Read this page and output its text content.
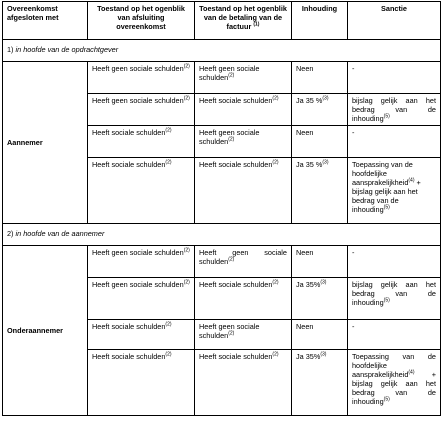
Overeenkomst afgesloten met	Toestand op het ogenblik van afsluiting overeenkomst	Toestand op het ogenblik van de betaling van de factuur $^{(1)}$	Inhouding	Sanctie
1) in hoofde van de opdrachtgever				
Aannemer	Heeft geen sociale schulden$^{(2)}$	Heeft geen sociale schulden$^{(2)}$	Neen	-
	Heeft geen sociale schulden$^{(2)}$	Heeft sociale schulden$^{(2)}$	Ja 35 %$^{(3)}$	bijslag gelijk aan het bedrag van de inhouding$^{(5)}$
	Heeft sociale schulden$^{(2)}$	Heeft geen sociale schulden$^{(2)}$	Neen	-
	Heeft sociale schulden$^{(2)}$	Heeft sociale schulden$^{(2)}$	Ja 35 %$^{(3)}$	Toepassing van de hoofdelijke aansprakelijkheid$^{(4)}$ + bijslag gelijk aan het bedrag van de inhouding$^{(5)}$
2) in hoofde van de aannemer				
Onderaannemer	Heeft geen sociale schulden$^{(2)}$	Heeft geen sociale schulden$^{(2)}$	Neen	-
	Heeft geen sociale schulden$^{(2)}$	Heeft sociale schulden$^{(2)}$	Ja 35%$^{(3)}$	bijslag gelijk aan het bedrag van de inhouding$^{(5)}$
	Heeft sociale schulden$^{(2)}$	Heeft geen sociale schulden$^{(2)}$	Neen	-
	Heeft sociale schulden$^{(2)}$	Heeft sociale schulden$^{(2)}$	Ja 35%$^{(3)}$	Toepassing van de hoofdelijke aansprakelijkheid$^{(4)}$ + bijslag gelijk aan het bedrag van de inhouding$^{(5)}$
